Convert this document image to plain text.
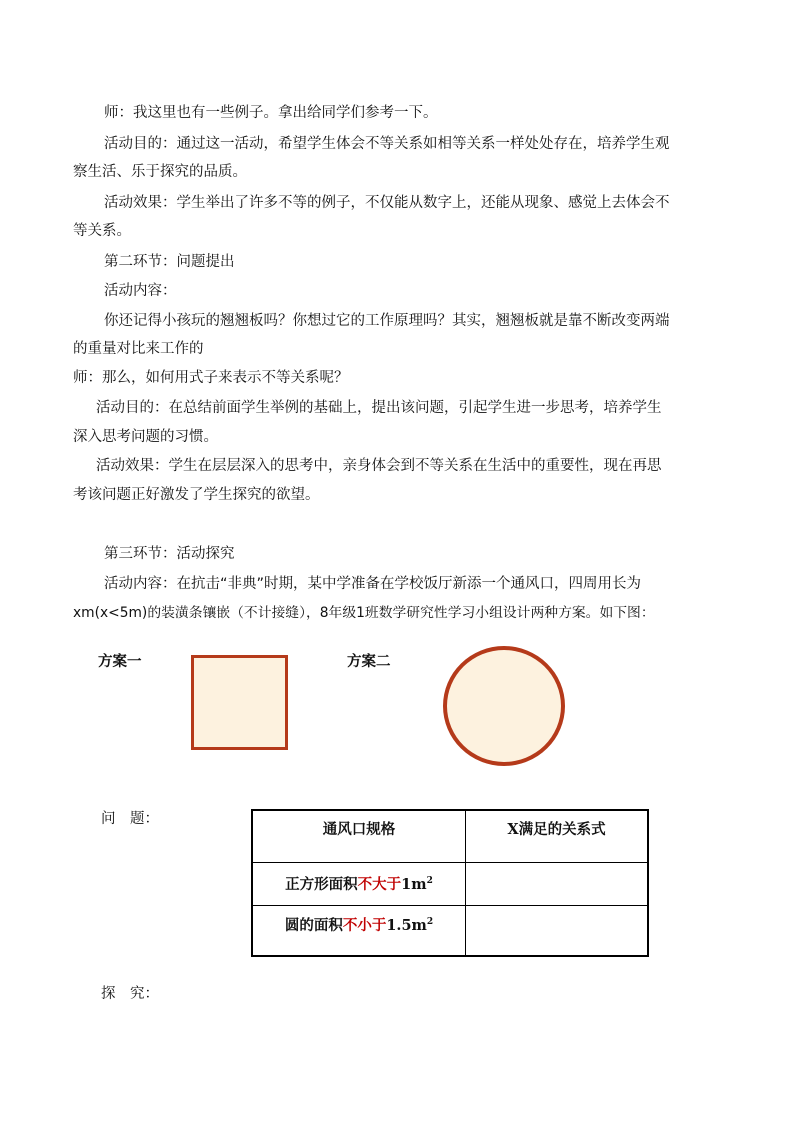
师：我这里也有一些例子。拿出给同学们参考一下。
活动目的：通过这一活动，希望学生体会不等关系如相等关系一样处处存在，培养学生观
察生活、乐于探究的品质。
活动效果：学生举出了许多不等的例子，不仅能从数字上，还能从现象、感觉上去体会不
等关系。
第二环节：问题提出
活动内容：
你还记得小孩玩的翘翘板吗？你想过它的工作原理吗？其实，翘翘板就是靠不断改变两端
的重量对比来工作的
师：那么，如何用式子来表示不等关系呢？
活动目的：在总结前面学生举例的基础上，提出该问题，引起学生进一步思考，培养学生
深入思考问题的习惯。
活动效果：学生在层层深入的思考中，亲身体会到不等关系在生活中的重要性，现在再思
考该问题正好激发了学生探究的欲望。
第三环节：活动探究
活动内容：在抗击“非典”时期，某中学准备在学校饭厅新添一个通风口，四周用长为
xm(x<5m)的装潢条镶嵌（不计接缝），8年级1班数学研究性学习小组设计两种方案。如下图：
方案一	方案二
问　题：
通风口规格	X满足的关系式

正方形面积不大于$1m^2$

圆的面积不小于$1.5m^2$

探　究：
